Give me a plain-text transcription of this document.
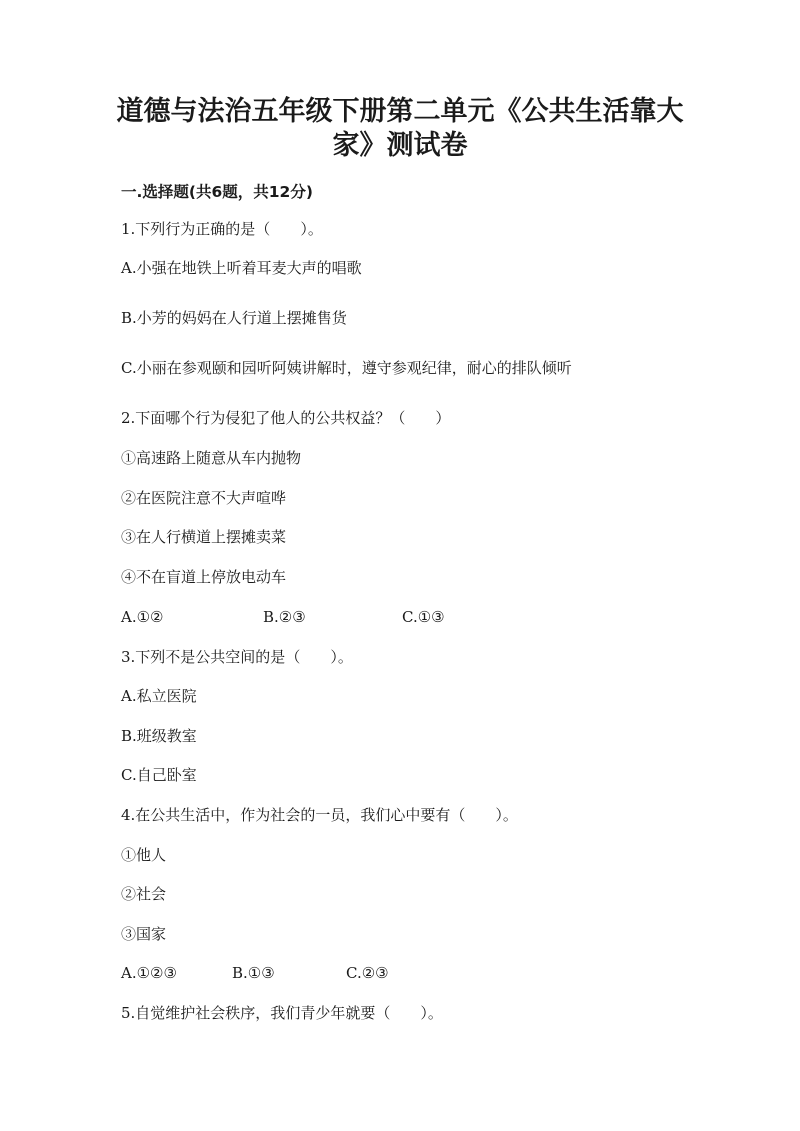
道德与法治五年级下册第二单元《公共生活靠大
家》测试卷
一.选择题(共6题，共12分)
1.下列行为正确的是（　　）。
A.小强在地铁上听着耳麦大声的唱歌
B.小芳的妈妈在人行道上摆摊售货
C.小丽在参观颐和园听阿姨讲解时，遵守参观纪律，耐心的排队倾听
2.下面哪个行为侵犯了他人的公共权益？（　　）
①高速路上随意从车内抛物
②在医院注意不大声喧哗
③在人行横道上摆摊卖菜
④不在盲道上停放电动车
A.①②	B.②③	C.①③
3.下列不是公共空间的是（　　）。
A.私立医院
B.班级教室
C.自己卧室
4.在公共生活中，作为社会的一员，我们心中要有（　　）。
①他人
②社会
③国家
A.①②③	B.①③	C.②③
5.自觉维护社会秩序，我们青少年就要（　　）。
